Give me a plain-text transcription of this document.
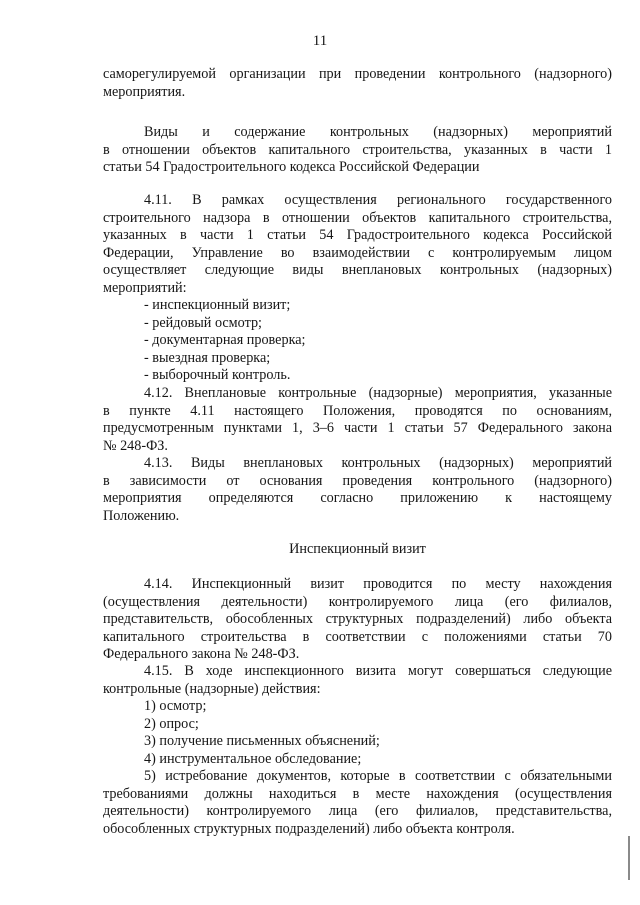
11

саморегулируемой организации при проведении контрольного (надзорного)

мероприятия.

Виды и содержание контрольных (надзорных) мероприятий

в отношении объектов капитального строительства, указанных в части 1

статьи 54 Градостроительного кодекса Российской Федерации

4.11. В рамках осуществления регионального государственного

строительного надзора в отношении объектов капитального строительства,

указанных в части 1 статьи 54 Градостроительного кодекса Российской

Федерации, Управление во взаимодействии с контролируемым лицом

осуществляет следующие виды внеплановых контрольных (надзорных)

мероприятий:

- инспекционный визит;

- рейдовый осмотр;

- документарная проверка;

- выездная проверка;

- выборочный контроль.

4.12. Внеплановые контрольные (надзорные) мероприятия, указанные

в пункте 4.11 настоящего Положения, проводятся по основаниям,

предусмотренным пунктами 1, 3–6 части 1 статьи 57 Федерального закона

№ 248-ФЗ.

4.13. Виды внеплановых контрольных (надзорных) мероприятий

в зависимости от основания проведения контрольного (надзорного)

мероприятия определяются согласно приложению к настоящему

Положению.

Инспекционный визит

4.14. Инспекционный визит проводится по месту нахождения

(осуществления деятельности) контролируемого лица (его филиалов,

представительств, обособленных структурных подразделений) либо объекта

капитального строительства в соответствии с положениями статьи 70

Федерального закона № 248-ФЗ.

4.15. В ходе инспекционного визита могут совершаться следующие

контрольные (надзорные) действия:

1) осмотр;

2) опрос;

3) получение письменных объяснений;

4) инструментальное обследование;

5) истребование документов, которые в соответствии с обязательными

требованиями должны находиться в месте нахождения (осуществления

деятельности) контролируемого лица (его филиалов, представительства,

обособленных структурных подразделений) либо объекта контроля.
